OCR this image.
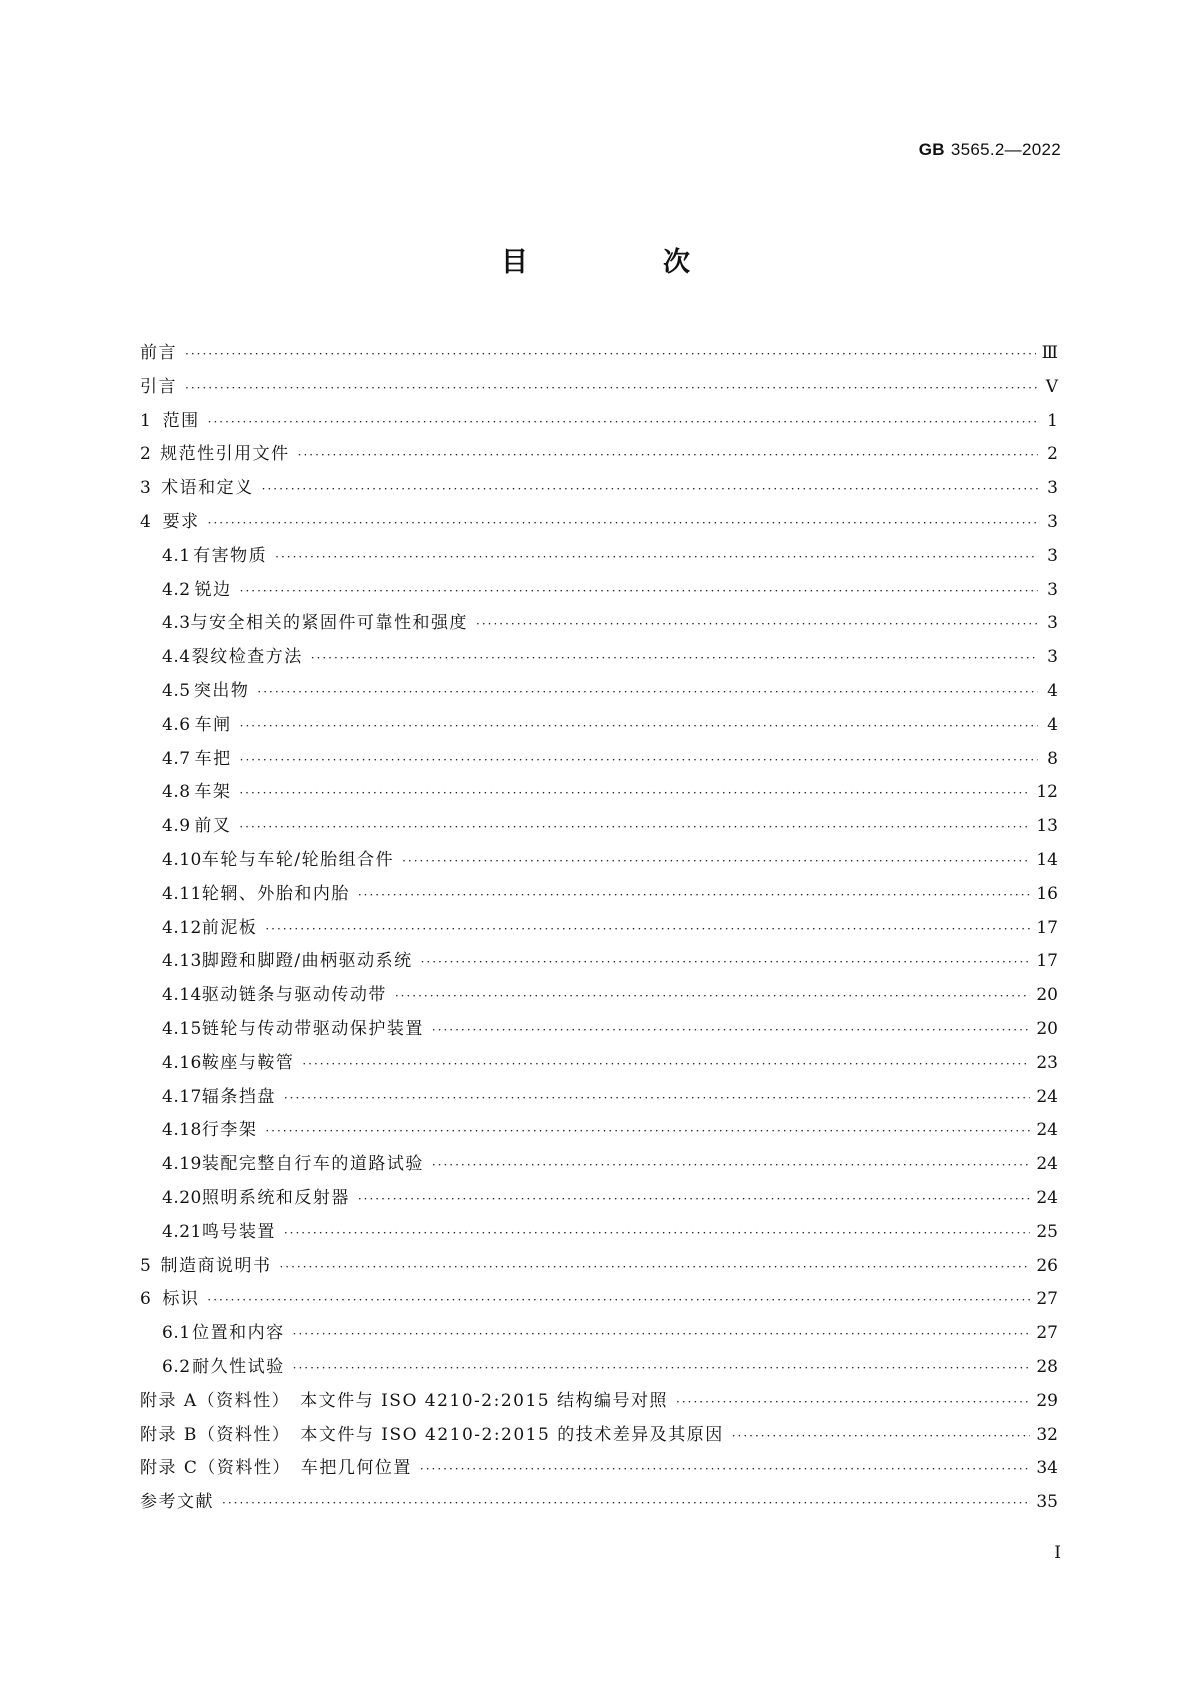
GB 3565.2—2022
目　次
前言 ·····	Ⅲ
引言 ·····	Ⅴ
1 范围 ·····	1
2 规范性引用文件 ·····	2
3 术语和定义 ·····	3
4 要求 ·····	3
4.1 有害物质 ·····	3
4.2 锐边 ·····	3
4.3 与安全相关的紧固件可靠性和强度 ·····	3
4.4 裂纹检查方法 ·····	3
4.5 突出物 ·····	4
4.6 车闸 ·····	4
4.7 车把 ·····	8
4.8 车架 ·····	12
4.9 前叉 ·····	13
4.10 车轮与车轮/轮胎组合件 ·····	14
4.11 轮辋、外胎和内胎 ·····	16
4.12 前泥板 ·····	17
4.13 脚蹬和脚蹬/曲柄驱动系统 ·····	17
4.14 驱动链条与驱动传动带 ·····	20
4.15 链轮与传动带驱动保护装置 ·····	20
4.16 鞍座与鞍管 ·····	23
4.17 辐条挡盘 ·····	24
4.18 行李架 ·····	24
4.19 装配完整自行车的道路试验 ·····	24
4.20 照明系统和反射器 ·····	24
4.21 鸣号装置 ·····	25
5 制造商说明书 ·····	26
6 标识 ·····	27
6.1 位置和内容 ·····	27
6.2 耐久性试验 ·····	28
附录 A（资料性）　本文件与 ISO 4210-2:2015 结构编号对照 ·····	29
附录 B（资料性）　本文件与 ISO 4210-2:2015 的技术差异及其原因 ·····	32
附录 C（资料性）　车把几何位置 ·····	34
参考文献 ·····	35
Ⅰ
